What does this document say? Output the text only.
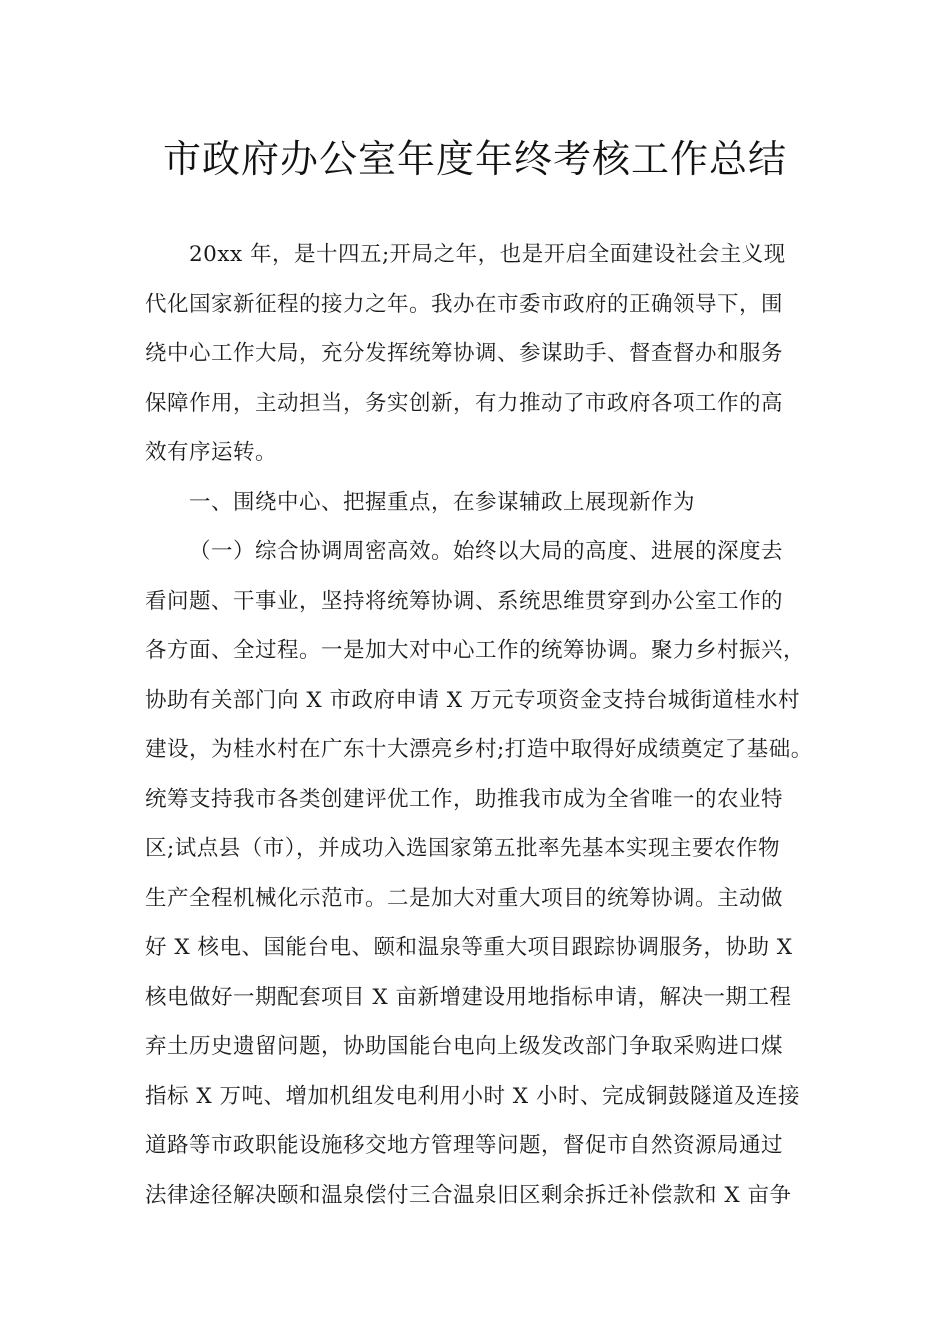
市政府办公室年度年终考核工作总结
20xx 年，是十四五;开局之年，也是开启全面建设社会主义现
代化国家新征程的接力之年。我办在市委市政府的正确领导下，围
绕中心工作大局，充分发挥统筹协调、参谋助手、督查督办和服务
保障作用，主动担当，务实创新，有力推动了市政府各项工作的高
效有序运转。
一、围绕中心、把握重点，在参谋辅政上展现新作为
（一）综合协调周密高效。始终以大局的高度、进展的深度去
看问题、干事业，坚持将统筹协调、系统思维贯穿到办公室工作的
各方面、全过程。一是加大对中心工作的统筹协调。聚力乡村振兴，
协助有关部门向 X 市政府申请 X 万元专项资金支持台城街道桂水村
建设，为桂水村在广东十大漂亮乡村;打造中取得好成绩奠定了基础。
统筹支持我市各类创建评优工作，助推我市成为全省唯一的农业特
区;试点县（市），并成功入选国家第五批率先基本实现主要农作物
生产全程机械化示范市。二是加大对重大项目的统筹协调。主动做
好 X 核电、国能台电、颐和温泉等重大项目跟踪协调服务，协助 X
核电做好一期配套项目 X 亩新增建设用地指标申请，解决一期工程
弃土历史遗留问题，协助国能台电向上级发改部门争取采购进口煤
指标 X 万吨、增加机组发电利用小时 X 小时、完成铜鼓隧道及连接
道路等市政职能设施移交地方管理等问题，督促市自然资源局通过
法律途径解决颐和温泉偿付三合温泉旧区剩余拆迁补偿款和 X 亩争
